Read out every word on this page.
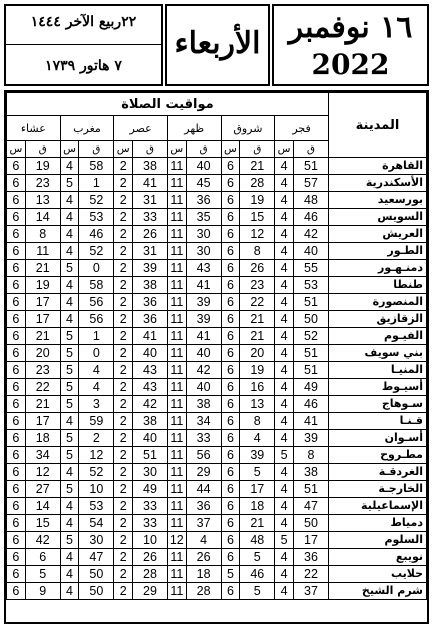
١٦ نوفمبر
2022
الأربعاء
٢٢ربيع الآخر ١٤٤٤
٧ هاتور ١٧٣٩
مواقيت الصلاة												المدينة
عشاء		مغرب		عصر		ظهر		شروق		فجر		
س	ق	س	ق	س	ق	س	ق	س	ق	س	ق	
6	19	4	58	2	38	11	40	6	21	4	51	القاهرة
6	23	5	1	2	41	11	45	6	28	4	57	الأسكندرية
6	13	4	52	2	31	11	36	6	19	4	48	بورسعيد
6	14	4	53	2	33	11	35	6	15	4	46	السويس
6	8	4	46	2	26	11	30	6	12	4	42	العريش
6	11	4	52	2	31	11	30	6	8	4	40	الطـور
6	21	5	0	2	39	11	43	6	26	4	55	دمنـهـور
6	19	4	58	2	38	11	41	6	23	4	53	طنطا
6	17	4	56	2	36	11	39	6	22	4	51	المنصورة
6	17	4	56	2	36	11	39	6	21	4	50	الزقازيق
6	21	5	1	2	41	11	41	6	21	4	52	الفيـوم
6	20	5	0	2	40	11	40	6	20	4	51	بني سويف
6	23	5	4	2	43	11	42	6	19	4	51	المنيـا
6	22	5	4	2	43	11	40	6	16	4	49	أسيـوط
6	21	5	3	2	42	11	38	6	13	4	46	سـوهاج
6	17	4	59	2	38	11	34	6	8	4	41	قـنـا
6	18	5	2	2	40	11	33	6	4	4	39	أسـوان
6	34	5	12	2	51	11	56	6	39	5	8	مطـروح
6	12	4	52	2	30	11	29	6	5	4	38	الغردقـة
6	27	5	10	2	49	11	44	6	17	4	51	الخارجـة
6	14	4	53	2	33	11	36	6	18	4	47	الإسماعيلية
6	15	4	54	2	33	11	37	6	21	4	50	دمياط
6	42	5	30	2	10	12	4	6	48	5	17	السلوم
6	6	4	47	2	26	11	26	6	5	4	36	نويبع
6	5	4	50	2	28	11	18	5	46	4	22	حلايب
6	9	4	50	2	29	11	28	6	5	4	37	شرم الشيخ
